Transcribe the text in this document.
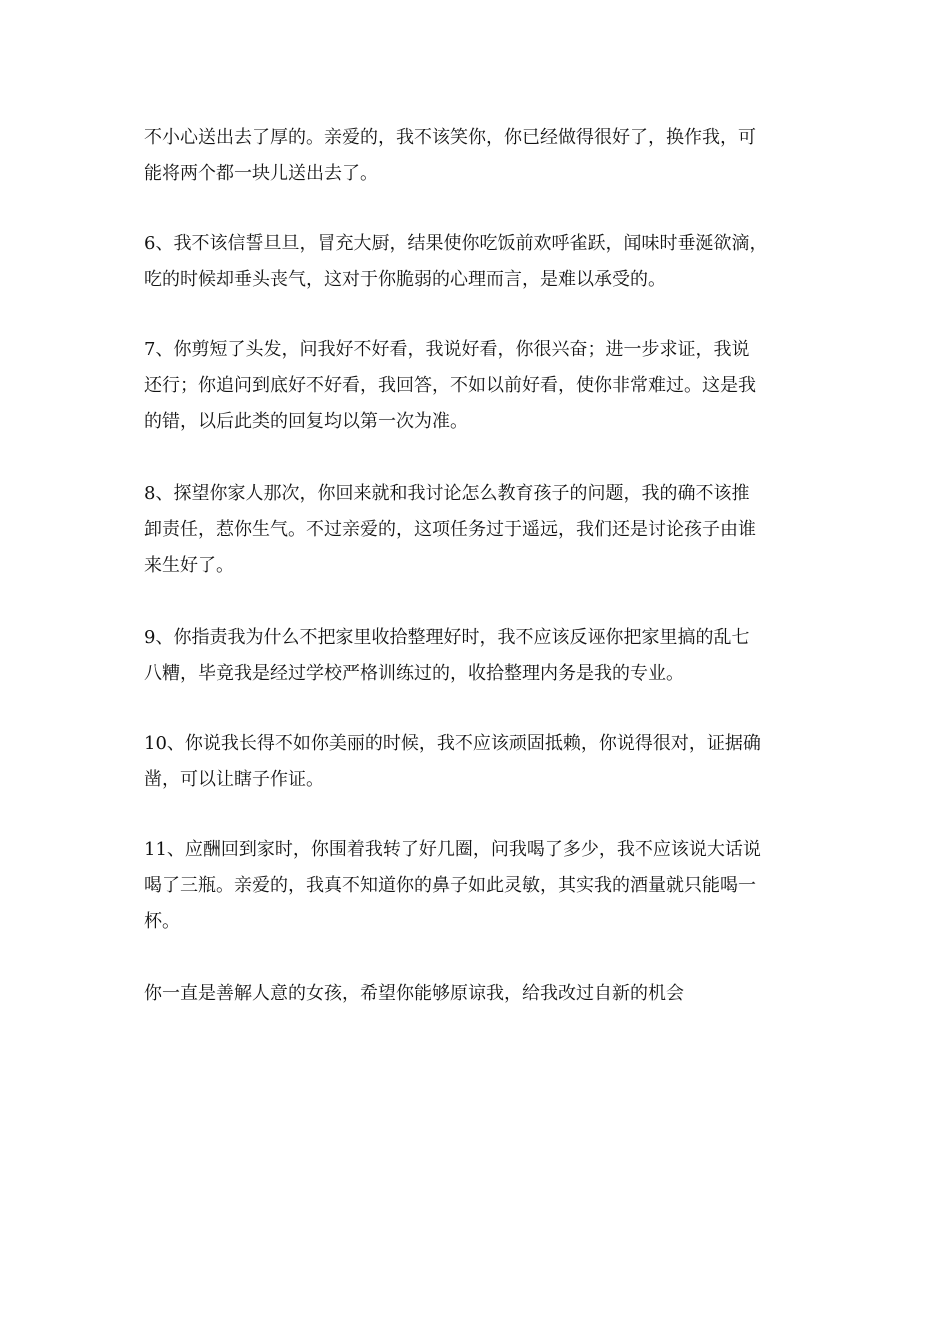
不小心送出去了厚的。亲爱的，我不该笑你，你已经做得很好了，换作我，可
能将两个都一块儿送出去了。
6、我不该信誓旦旦，冒充大厨，结果使你吃饭前欢呼雀跃，闻味时垂涎欲滴，
吃的时候却垂头丧气，这对于你脆弱的心理而言，是难以承受的。
7、你剪短了头发，问我好不好看，我说好看，你很兴奋；进一步求证，我说
还行；你追问到底好不好看，我回答，不如以前好看，使你非常难过。这是我
的错，以后此类的回复均以第一次为准。
8、探望你家人那次，你回来就和我讨论怎么教育孩子的问题，我的确不该推
卸责任，惹你生气。不过亲爱的，这项任务过于遥远，我们还是讨论孩子由谁
来生好了。
9、你指责我为什么不把家里收拾整理好时，我不应该反诬你把家里搞的乱七
八糟，毕竟我是经过学校严格训练过的，收拾整理内务是我的专业。
10、你说我长得不如你美丽的时候，我不应该顽固抵赖，你说得很对，证据确
凿，可以让瞎子作证。
11、应酬回到家时，你围着我转了好几圈，问我喝了多少，我不应该说大话说
喝了三瓶。亲爱的，我真不知道你的鼻子如此灵敏，其实我的酒量就只能喝一
杯。
你一直是善解人意的女孩，希望你能够原谅我，给我改过自新的机会
